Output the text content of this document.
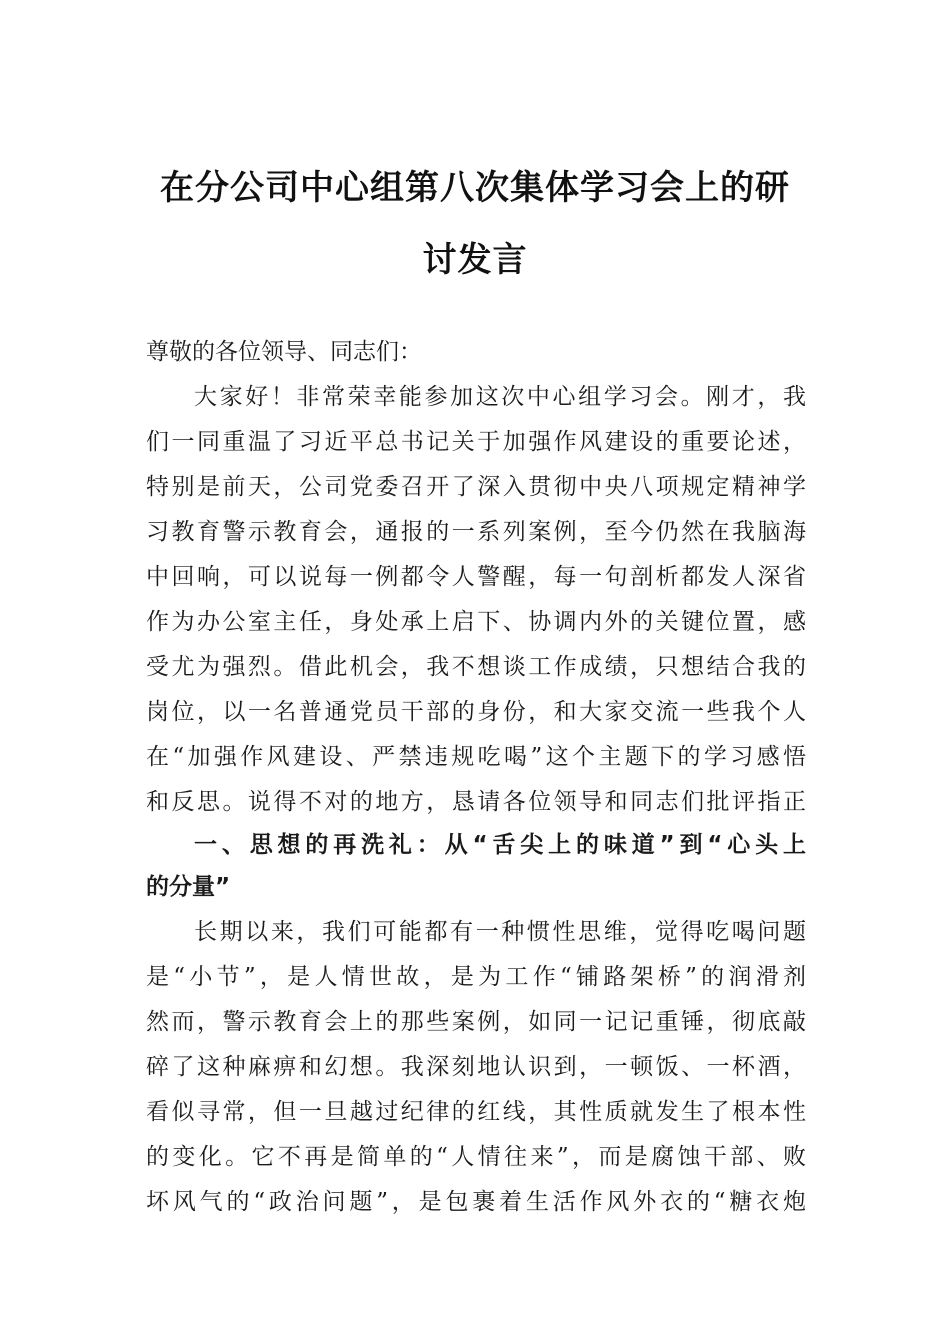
在分公司中心组第八次集体学习会上的研
讨发言
尊敬的各位领导、同志们：
大家好！非常荣幸能参加这次中心组学习会。刚才，我
们一同重温了习近平总书记关于加强作风建设的重要论述，
特别是前天，公司党委召开了深入贯彻中央八项规定精神学
习教育警示教育会，通报的一系列案例，至今仍然在我脑海
中回响，可以说每一例都令人警醒，每一句剖析都发人深省
作为办公室主任，身处承上启下、协调内外的关键位置，感
受尤为强烈。借此机会，我不想谈工作成绩，只想结合我的
岗位，以一名普通党员干部的身份，和大家交流一些我个人
在“加强作风建设、严禁违规吃喝”这个主题下的学习感悟
和反思。说得不对的地方，恳请各位领导和同志们批评指正
一、思想的再洗礼：从“舌尖上的味道”到“心头上
的分量”
长期以来，我们可能都有一种惯性思维，觉得吃喝问题
是“小节”，是人情世故，是为工作“铺路架桥”的润滑剂
然而，警示教育会上的那些案例，如同一记记重锤，彻底敲
碎了这种麻痹和幻想。我深刻地认识到，一顿饭、一杯酒，
看似寻常，但一旦越过纪律的红线，其性质就发生了根本性
的变化。它不再是简单的“人情往来”，而是腐蚀干部、败
坏风气的“政治问题”，是包裹着生活作风外衣的“糖衣炮
